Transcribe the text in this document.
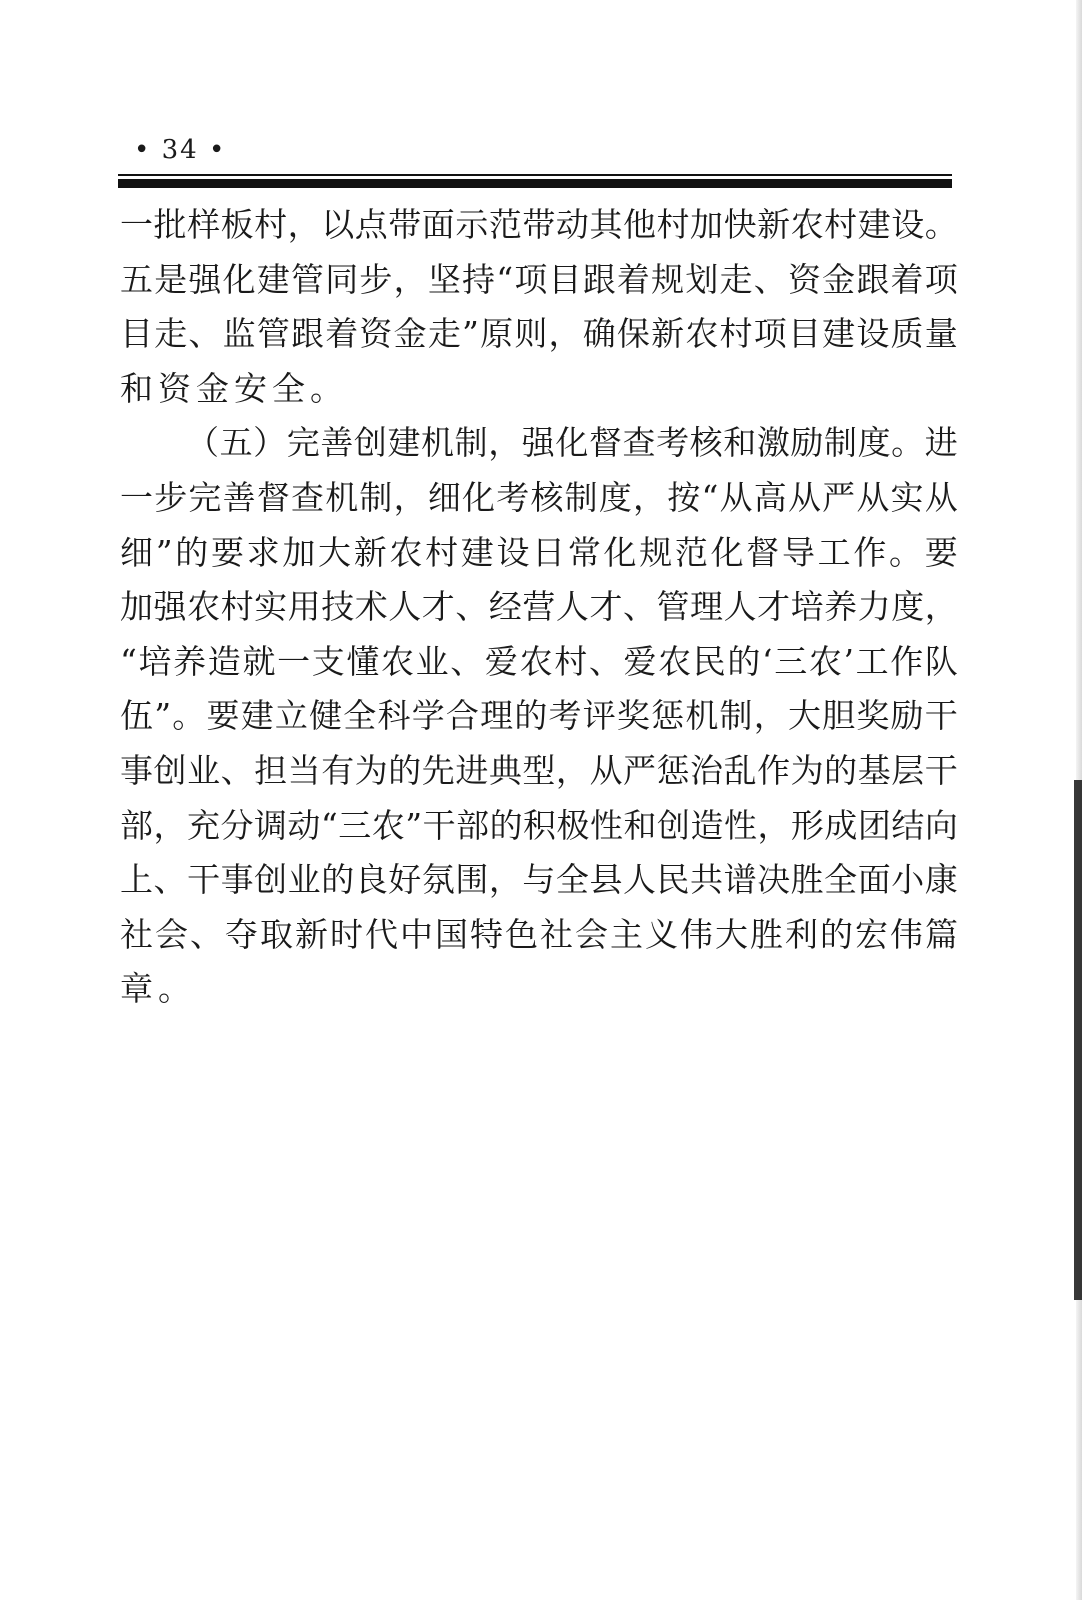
• 34 •
一 批 样 板 村 ， 以 点 带 面 示 范 带 动 其 他 村 加 快 新 农 村 建 设 。
五 是 强 化 建 管 同 步 ， 坚 持 “ 项 目 跟 着 规 划 走 、 资 金 跟 着 项
目 走 、 监 管 跟 着 资 金 走 ” 原 则 ， 确 保 新 农 村 项 目 建 设 质 量
和 资 金 安 全 。
（ 五 ） 完 善 创 建 机 制 ， 强 化 督 查 考 核 和 激 励 制 度 。 进
一 步 完 善 督 查 机 制 ， 细 化 考 核 制 度 ， 按 “ 从 高 从 严 从 实 从
细 ” 的 要 求 加 大 新 农 村 建 设 日 常 化 规 范 化 督 导 工 作 。 要
加 强 农 村 实 用 技 术 人 才 、 经 营 人 才 、 管 理 人 才 培 养 力 度 ，
“ 培 养 造 就 一 支 懂 农 业 、 爱 农 村 、 爱 农 民 的 ‘ 三 农 ’ 工 作 队
伍 ” 。 要 建 立 健 全 科 学 合 理 的 考 评 奖 惩 机 制 ， 大 胆 奖 励 干
事 创 业 、 担 当 有 为 的 先 进 典 型 ， 从 严 惩 治 乱 作 为 的 基 层 干
部 ， 充 分 调 动 “ 三 农 ” 干 部 的 积 极 性 和 创 造 性 ， 形 成 团 结 向
上 、 干 事 创 业 的 良 好 氛 围 ， 与 全 县 人 民 共 谱 决 胜 全 面 小 康
社 会 、 夺 取 新 时 代 中 国 特 色 社 会 主 义 伟 大 胜 利 的 宏 伟 篇
章 。
